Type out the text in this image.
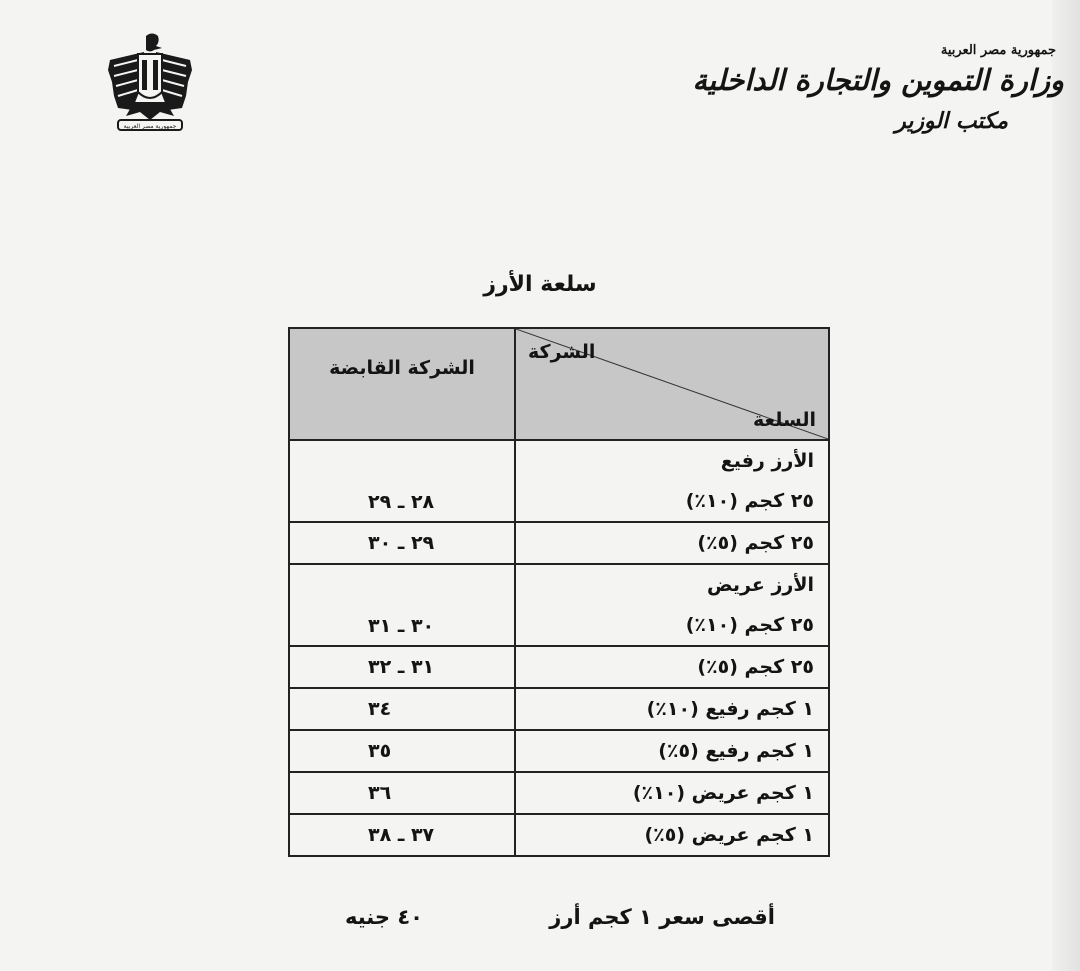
جمهورية مصر العربية

جمهورية مصر العربية

وزارة التموين والتجارة الداخلية

مكتب الوزير

سلعة الأرز
الشركة
السلعة	الشركة القابضة

الأرز رفيع
٢٥ كجم (١٠٪)	٢٨ ـ ٢٩
٢٥ كجم (٥٪)	٢٩ ـ ٣٠

الأرز عريض
٢٥ كجم (١٠٪)	٣٠ ـ ٣١
٢٥ كجم (٥٪)	٣١ ـ ٣٢
١ كجم رفيع (١٠٪)	٣٤
١ كجم رفيع (٥٪)	٣٥
١ كجم عريض (١٠٪)	٣٦
١ كجم عريض (٥٪)	٣٧ ـ ٣٨
أقصى سعر ١ كجم أرز
٤٠ جنيه
